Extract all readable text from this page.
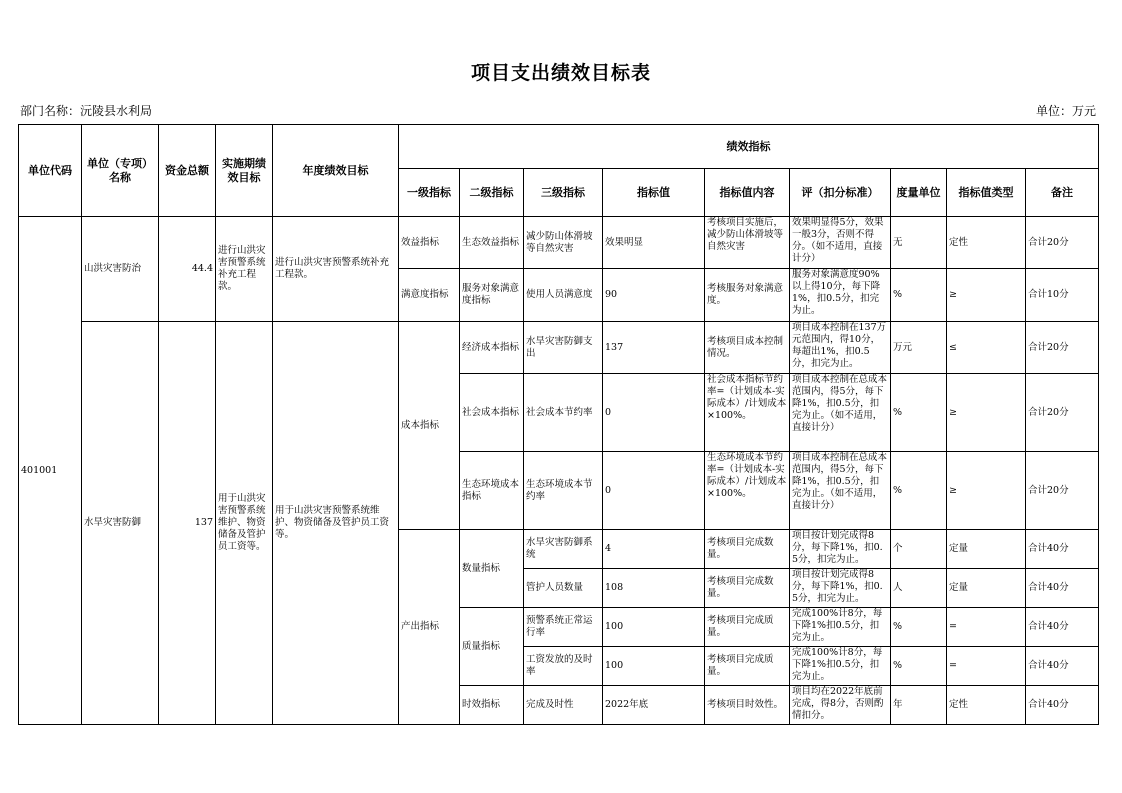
项目支出绩效目标表
部门名称：沅陵县水利局	单位：万元
单位代码	单位（专项）名称	资金总额	实施期绩效目标	年度绩效目标	绩效指标								
					一级指标	二级指标	三级指标	指标值	指标值内容	评（扣分标准）	度量单位	指标值类型	备注
401001	山洪灾害防治	44.4	进行山洪灾害预警系统补充工程款。	进行山洪灾害预警系统补充工程款。	效益指标	生态效益指标	减少防山体滑坡等自然灾害	效果明显	考核项目实施后，减少防山体滑坡等自然灾害	效果明显得5分，效果一般3分，否则不得分。（如不适用，直接计分）	无	定性	合计20分
					满意度指标	服务对象满意度指标	使用人员满意度	90	考核服务对象满意度。	服务对象满意度90%以上得10分，每下降1%，扣0.5分，扣完为止。	%	≥	合计10分
	水旱灾害防御	137	用于山洪灾害预警系统维护、物资储备及管护员工资等。	用于山洪灾害预警系统维护、物资储备及管护员工资等。	成本指标	经济成本指标	水旱灾害防御支出	137	考核项目成本控制情况。	项目成本控制在137万元范围内，得10分，每超出1%，扣0.5分，扣完为止。	万元	≤	合计20分
						社会成本指标	社会成本节约率	0	社会成本指标节约率=（计划成本-实际成本）/计划成本×100%。	项目成本控制在总成本范围内，得5分，每下降1%，扣0.5分，扣完为止。（如不适用，直接计分）	%	≥	合计20分
						生态环境成本指标	生态环境成本节约率	0	生态环境成本节约率=（计划成本-实际成本）/计划成本×100%。	项目成本控制在总成本范围内，得5分，每下降1%，扣0.5分，扣完为止。（如不适用，直接计分）	%	≥	合计20分
					产出指标	数量指标	水旱灾害防御系统	4	考核项目完成数量。	项目按计划完成得8分，每下降1%，扣0.5分，扣完为止。	个	定量	合计40分
							管护人员数量	108	考核项目完成数量。	项目按计划完成得8分，每下降1%，扣0.5分，扣完为止。	人	定量	合计40分
						质量指标	预警系统正常运行率	100	考核项目完成质量。	完成100%计8分，每下降1%扣0.5分，扣完为止。	%	=	合计40分
							工资发放的及时率	100	考核项目完成质量。	完成100%计8分，每下降1%扣0.5分，扣完为止。	%	=	合计40分
						时效指标	完成及时性	2022年底	考核项目时效性。	项目均在2022年底前完成，得8分，否则酌情扣分。	年	定性	合计40分
